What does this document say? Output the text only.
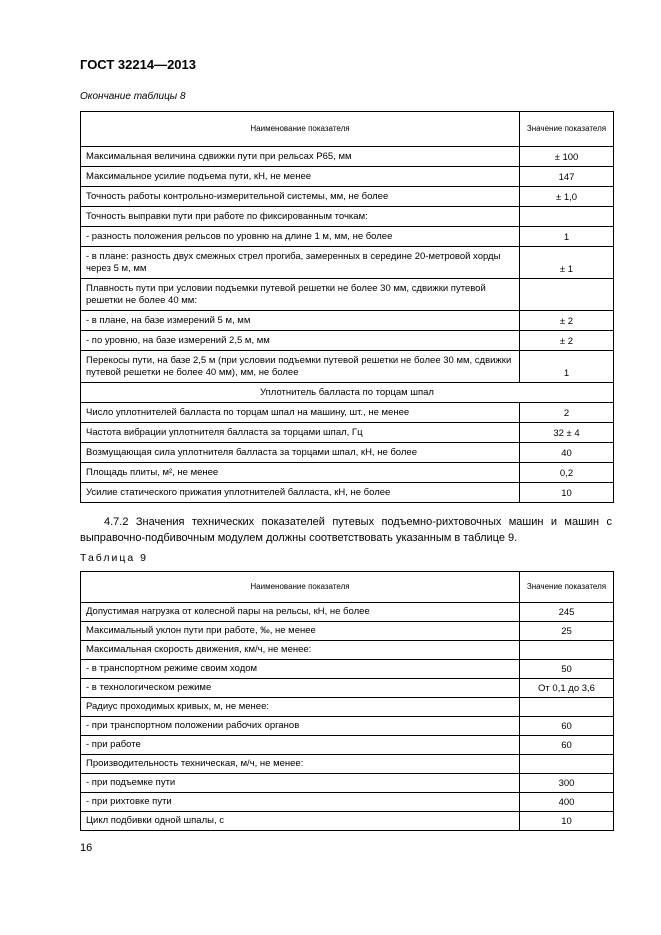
ГОСТ 32214—2013
Окончание таблицы 8
Наименование показателя	Значение показателя
Максимальная величина сдвижки пути при рельсах Р65, мм	± 100
Максимальное усилие подъема пути, кН, не менее	147
Точность работы контрольно-измерительной системы, мм, не более	± 1,0
Точность выправки пути при работе по фиксированным точкам:	
- разность положения рельсов по уровню на длине 1 м, мм, не более	1
- в плане: разность двух смежных стрел прогиба, замеренных в середине 20-метровой хорды через 5 м, мм	± 1
Плавность пути при условии подъемки путевой решетки не более 30 мм, сдвижки путевой решетки не более 40 мм:	
- в плане, на базе измерений 5 м, мм	± 2
- по уровню, на базе измерений 2,5 м, мм	± 2
Перекосы пути, на базе 2,5 м (при условии подъемки путевой решетки не более 30 мм, сдвижки путевой решетки не более 40 мм), мм, не более	1
Уплотнитель балласта по торцам шпал	
Число уплотнителей балласта по торцам шпал на машину, шт., не менее	2
Частота вибрации уплотнителя балласта за торцами шпал, Гц	32 ± 4
Возмущающая сила уплотнителя балласта за торцами шпал, кН, не более	40
Площадь плиты, м², не менее	0,2
Усилие статического прижатия уплотнителей балласта, кН, не более	10
4.7.2 Значения технических показателей путевых подъемно-рихтовочных машин и машин с выправочно-подбивочным модулем должны соответствовать указанным в таблице 9.
Таблица 9
Наименование показателя	Значение показателя
Допустимая нагрузка от колесной пары на рельсы, кН, не более	245
Максимальный уклон пути при работе, ‰, не менее	25
Максимальная скорость движения, км/ч, не менее:	
- в транспортном режиме своим ходом	50
- в технологическом режиме	От 0,1 до 3,6
Радиус проходимых кривых, м, не менее:	
- при транспортном положении рабочих органов	60
- при работе	60
Производительность техническая, м/ч, не менее:	
- при подъемке пути	300
- при рихтовке пути	400
Цикл подбивки одной шпалы, с	10
16
